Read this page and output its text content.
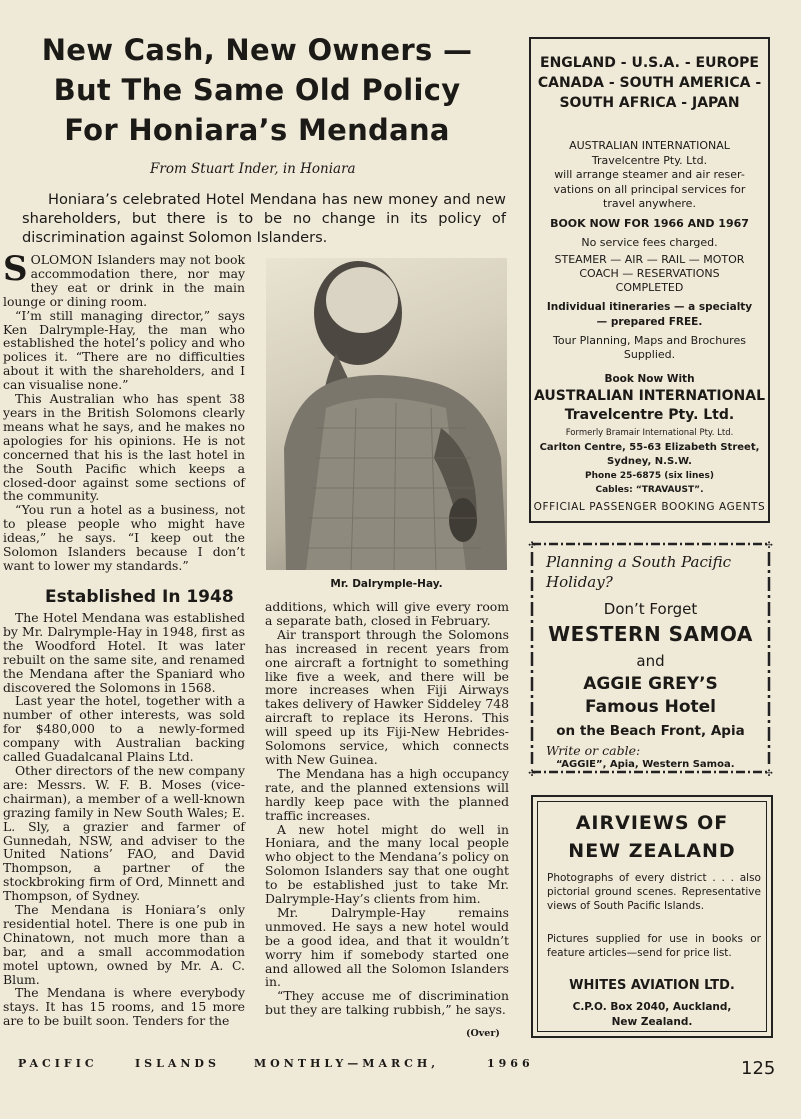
New Cash, New Owners —
But The Same Old Policy
For Honiara’s Mendana
From Stuart Inder, in Honiara
Honiara’s celebrated Hotel Mendana has new money and new shareholders, but there is to be no change in its policy of discrimination against Solomon Islanders.

SOLOMON Islanders may not book accommodation there, nor may they eat or drink in the main lounge or dining room.

“I’m still managing director,” says Ken Dalrymple-Hay, the man who established the hotel’s policy and who polices it. “There are no difficulties about it with the shareholders, and I can visualise none.”

This Australian who has spent 38 years in the British Solomons clearly means what he says, and he makes no apologies for his opinions. He is not concerned that his is the last hotel in the South Pacific which keeps a closed-door against some sections of the community.

“You run a hotel as a business, not to please people who might have ideas,” he says. “I keep out the Solomon Islanders because I don’t want to lower my standards.”

Established In 1948

The Hotel Mendana was established by Mr. Dalrymple-Hay in 1948, first as the Woodford Hotel. It was later rebuilt on the same site, and renamed the Mendana after the Spaniard who discovered the Solomons in 1568.

Last year the hotel, together with a number of other interests, was sold for $480,000 to a newly-formed company with Australian backing called Guadalcanal Plains Ltd.

Other directors of the new company are: Messrs. W. F. B. Moses (vice-chairman), a member of a well-known grazing family in New South Wales; E. L. Sly, a grazier and farmer of Gunnedah, NSW, and adviser to the United Nations’ FAO, and David Thompson, a partner of the stockbroking firm of Ord, Minnett and Thompson, of Sydney.

The Mendana is Honiara’s only residential hotel. There is one pub in Chinatown, not much more than a bar, and a small accommodation motel uptown, owned by Mr. A. C. Blum.

The Mendana is where everybody stays. It has 15 rooms, and 15 more are to be built soon. Tenders for the

Mr. Dalrymple-Hay.

additions, which will give every room a separate bath, closed in February.

Air transport through the Solomons has increased in recent years from one aircraft a fortnight to something like five a week, and there will be more increases when Fiji Airways takes delivery of Hawker Siddeley 748 aircraft to replace its Herons. This will speed up its Fiji-New Hebrides-Solomons service, which connects with New Guinea.

The Mendana has a high occupancy rate, and the planned extensions will hardly keep pace with the planned traffic increases.

A new hotel might do well in Honiara, and the many local people who object to the Mendana’s policy on Solomon Islanders say that one ought to be established just to take Mr. Dalrymple-Hay’s clients from him.

Mr. Dalrymple-Hay remains unmoved. He says a new hotel would be a good idea, and that it wouldn’t worry him if somebody started one and allowed all the Solomon Islanders in.

“They accuse me of discrimination but they are talking rubbish,” he says.

(Over)
ENGLAND - U.S.A. - EUROPE
CANADA - SOUTH AMERICA -
SOUTH AFRICA - JAPAN
AUSTRALIAN INTERNATIONAL
Travelcentre Pty. Ltd.
will arrange steamer and air reser-
vations on all principal services for
travel anywhere.
BOOK NOW FOR 1966 AND 1967
No service fees charged.
STEAMER — AIR — RAIL — MOTOR
COACH — RESERVATIONS
COMPLETED
Individual itineraries — a specialty
— prepared FREE.
Tour Planning, Maps and Brochures
Supplied.
Book Now With
AUSTRALIAN INTERNATIONAL
Travelcentre Pty. Ltd.
Formerly Bramair International Pty. Ltd.
Carlton Centre, 55-63 Elizabeth Street,
Sydney, N.S.W.
Phone 25-6875 (six lines)
Cables: “TRAVAUST”.
OFFICIAL PASSENGER BOOKING AGENTS
✣	✣
✣	✣
Planning a South Pacific
Holiday?
Don’t Forget
WESTERN SAMOA
and
AGGIE GREY’S
Famous Hotel
on the Beach Front, Apia
Write or cable:
“AGGIE”, Apia, Western Samoa.
AIRVIEWS OF
NEW ZEALAND
Photographs of every district . . . also pictorial ground scenes. Representative views of South Pacific Islands.
Pictures supplied for use in books or feature articles—send for price list.
WHITES AVIATION LTD.
C.P.O. Box 2040, Auckland,
New Zealand.
PACIFIC	ISLANDS	MONTHLY—MARCH,	1966	125
